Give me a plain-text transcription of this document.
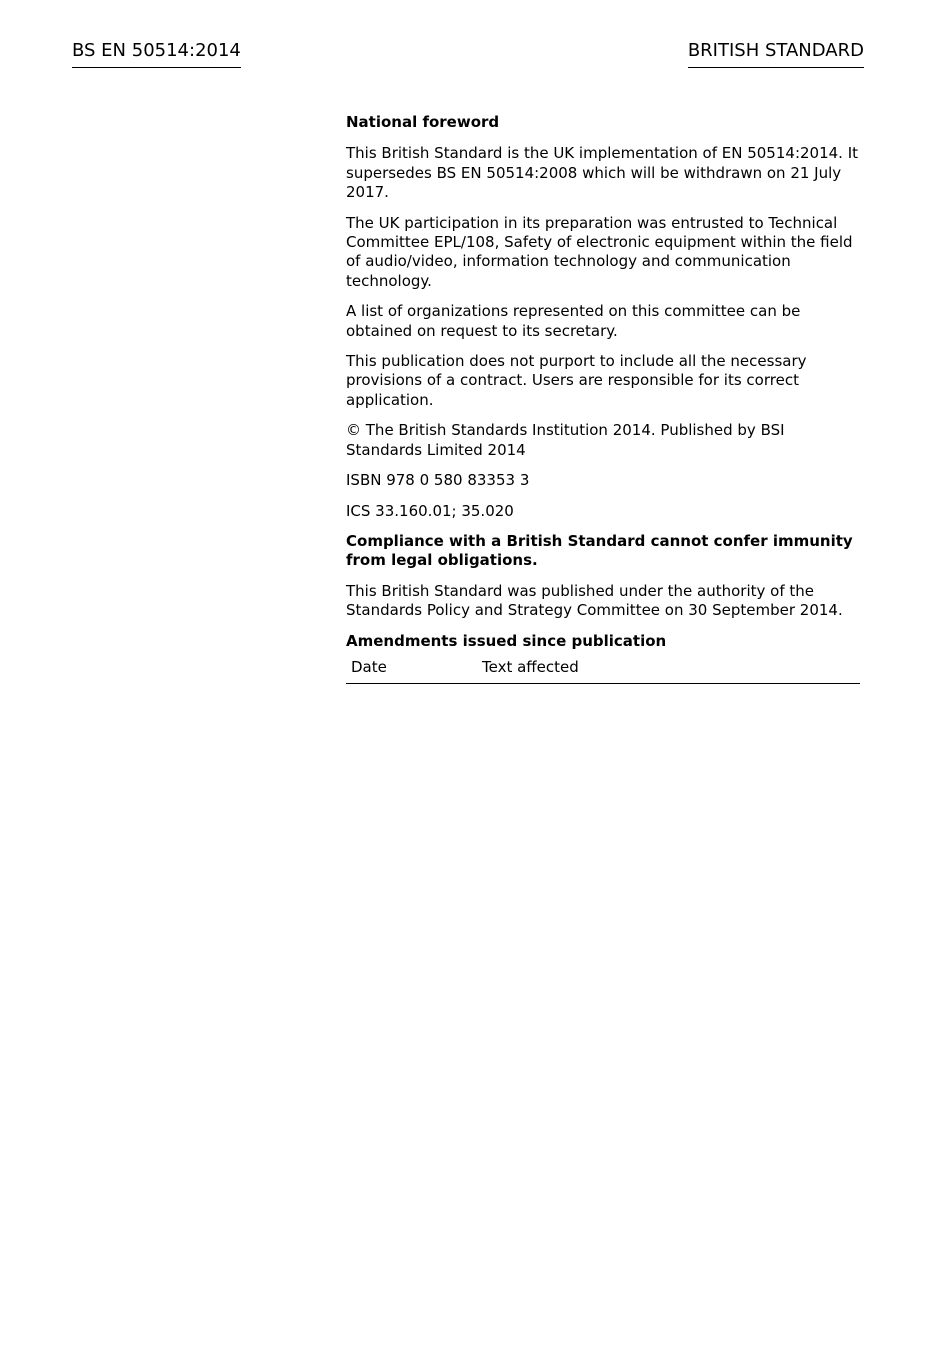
BS EN 50514:2014	BRITISH STANDARD
National foreword
This British Standard is the UK implementation of EN 50514:2014. It supersedes BS EN 50514:2008 which will be withdrawn on 21 July 2017.
The UK participation in its preparation was entrusted to Technical Committee EPL/108, Safety of electronic equipment within the field of audio/video, information technology and communication technology.
A list of organizations represented on this committee can be obtained on request to its secretary.
This publication does not purport to include all the necessary provisions of a contract. Users are responsible for its correct application.
© The British Standards Institution 2014. Published by BSI Standards Limited 2014
ISBN 978 0 580 83353 3
ICS 33.160.01; 35.020
Compliance with a British Standard cannot confer immunity from legal obligations.
This British Standard was published under the authority of the Standards Policy and Strategy Committee on 30 September 2014.
Amendments issued since publication
Date	Text affected
